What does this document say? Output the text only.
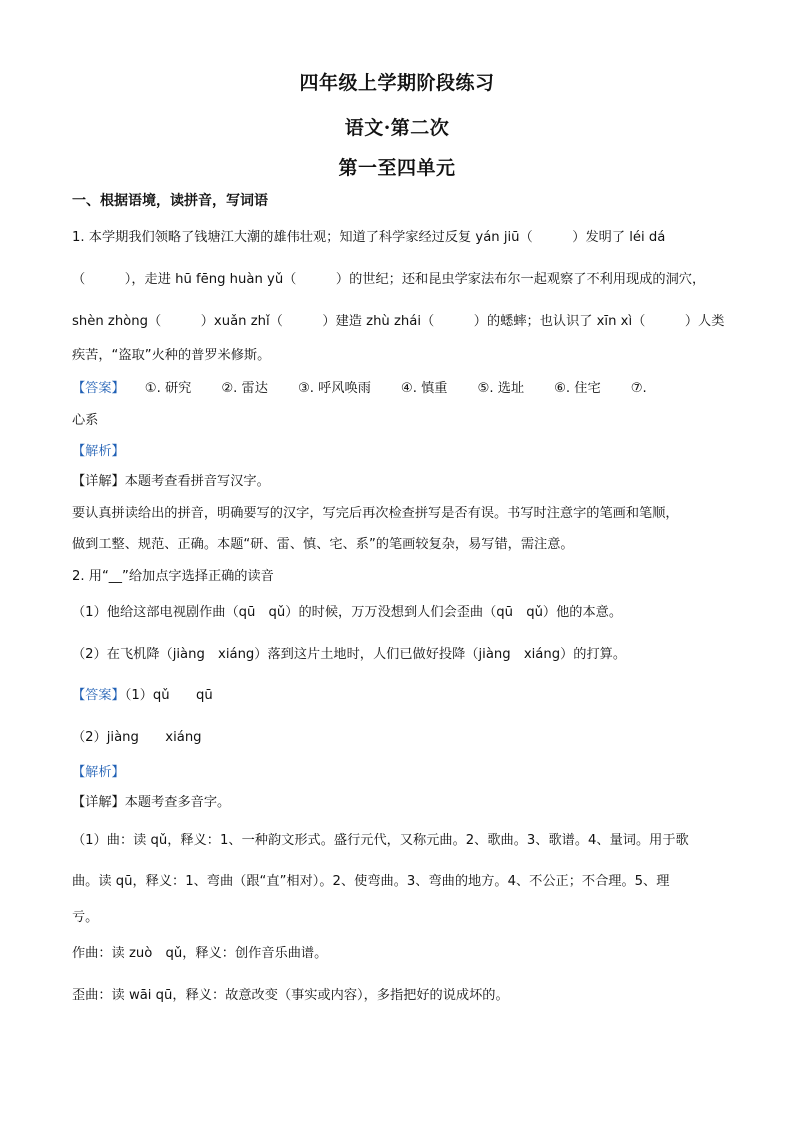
四年级上学期阶段练习
语文·第二次
第一至四单元
一、根据语境，读拼音，写词语
1. 本学期我们领略了钱塘江大潮的雄伟壮观；知道了科学家经过反复 yán jiū（　　　）发明了 léi dá
（　　　），走进 hū fēng huàn yǔ（　　　）的世纪；还和昆虫学家法布尔一起观察了不利用现成的洞穴，
shèn zhòng（　　　）xuǎn zhǐ（　　　）建造 zhù zhái（　　　）的蟋蟀；也认识了 xīn xì（　　　）人类
疾苦，“盗取”火种的普罗米修斯。
【答案】 ①. 研究 ②. 雷达 ③. 呼风唤雨 ④. 慎重 ⑤. 选址 ⑥. 住宅 ⑦.
心系
【解析】
【详解】本题考查看拼音写汉字。
要认真拼读给出的拼音，明确要写的汉字，写完后再次检查拼写是否有误。书写时注意字的笔画和笔顺，
做到工整、规范、正确。本题“研、雷、慎、宅、系”的笔画较复杂，易写错，需注意。
2. 用“__”给加点字选择正确的读音
（1）他给这部电视剧作曲（qū　qǔ）的时候，万万没想到人们会歪曲（qū　qǔ）他的本意。
（2）在飞机降（jiàng　xiáng）落到这片土地时，人们已做好投降（jiàng　xiáng）的打算。
【答案】（1）qǔ　　qū
（2）jiàng　　xiáng
【解析】
【详解】本题考查多音字。
（1）曲：读 qǔ，释义：1、一种韵文形式。盛行元代，又称元曲。2、歌曲。3、歌谱。4、量词。用于歌
曲。读 qū，释义：1、弯曲（跟“直”相对）。2、使弯曲。3、弯曲的地方。4、不公正；不合理。5、理
亏。
作曲：读 zuò　qǔ，释义：创作音乐曲谱。
歪曲：读 wāi qū，释义：故意改变（事实或内容），多指把好的说成坏的。
